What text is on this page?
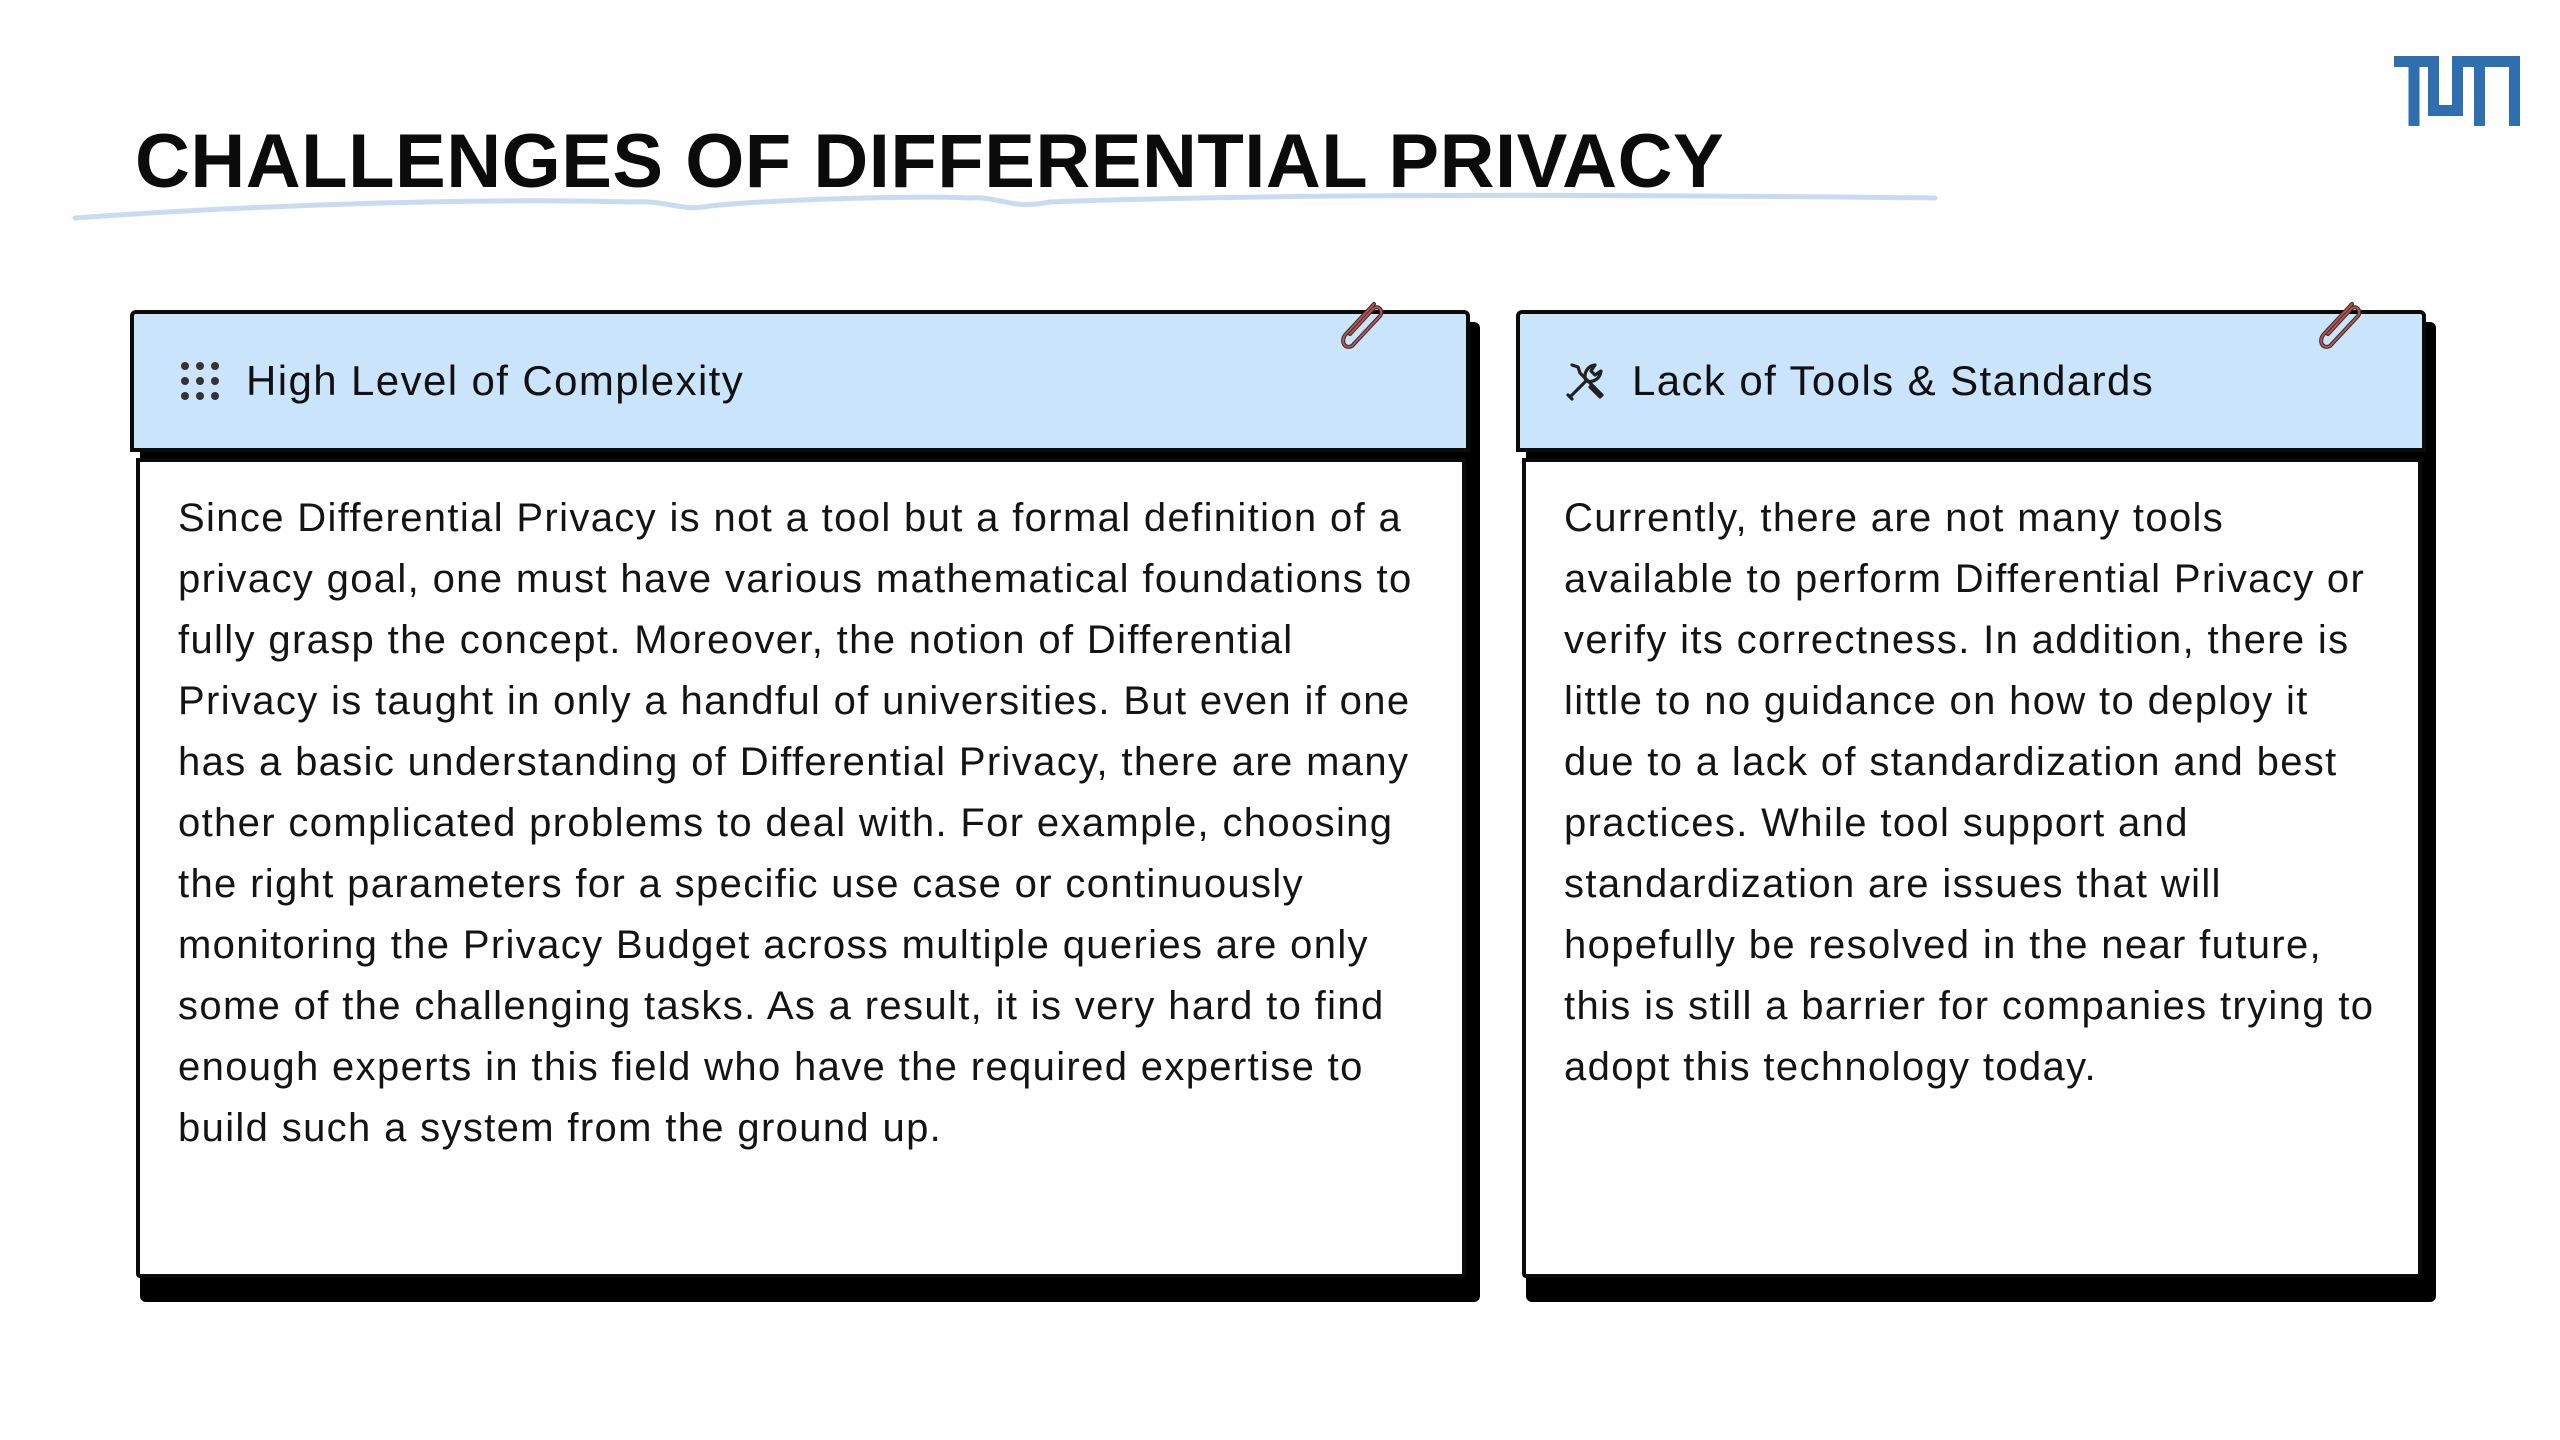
CHALLENGES OF DIFFERENTIAL PRIVACY
High Level of Complexity

Since Differential Privacy is not a tool but a formal definition of a privacy goal, one must have various mathematical foundations to fully grasp the concept. Moreover, the notion of Differential Privacy is taught in only a handful of universities. But even if one has a basic understanding of Differential Privacy, there are many other complicated problems to deal with. For example, choosing the right parameters for a specific use case or continuously monitoring the Privacy Budget across multiple queries are only some of the challenging tasks. As a result, it is very hard to find enough experts in this field who have the required expertise to build such a system from the ground up.

Lack of Tools & Standards

Currently, there are not many tools available to perform Differential Privacy or verify its correctness. In addition, there is little to no guidance on how to deploy it due to a lack of standardization and best practices. While tool support and standardization are issues that will hopefully be resolved in the near future, this is still a barrier for companies trying to adopt this technology today.
